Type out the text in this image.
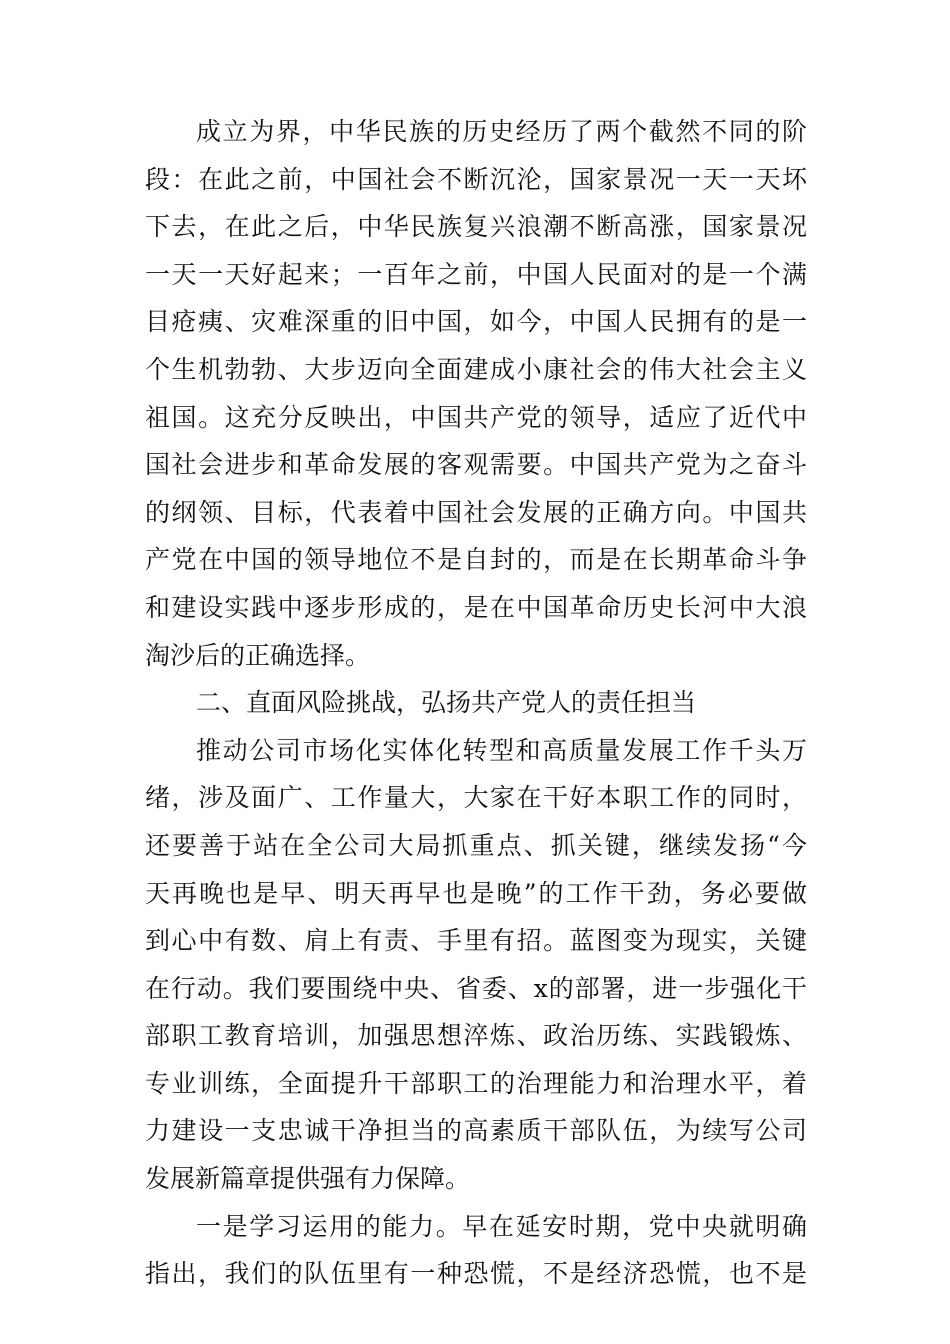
成立为界，中华民族的历史经历了两个截然不同的阶
段：在此之前，中国社会不断沉沦，国家景况一天一天坏
下去，在此之后，中华民族复兴浪潮不断高涨，国家景况
一天一天好起来；一百年之前，中国人民面对的是一个满
目疮痍、灾难深重的旧中国，如今，中国人民拥有的是一
个生机勃勃、大步迈向全面建成小康社会的伟大社会主义
祖国。这充分反映出，中国共产党的领导，适应了近代中
国社会进步和革命发展的客观需要。中国共产党为之奋斗
的纲领、目标，代表着中国社会发展的正确方向。中国共
产党在中国的领导地位不是自封的，而是在长期革命斗争
和建设实践中逐步形成的，是在中国革命历史长河中大浪
淘沙后的正确选择。
二、直面风险挑战，弘扬共产党人的责任担当
推动公司市场化实体化转型和高质量发展工作千头万
绪，涉及面广、工作量大，大家在干好本职工作的同时，
还要善于站在全公司大局抓重点、抓关键，继续发扬“今
天再晚也是早、明天再早也是晚”的工作干劲，务必要做
到心中有数、肩上有责、手里有招。蓝图变为现实，关键
在行动。我们要围绕中央、省委、x的部署，进一步强化干
部职工教育培训，加强思想淬炼、政治历练、实践锻炼、
专业训练，全面提升干部职工的治理能力和治理水平，着
力建设一支忠诚干净担当的高素质干部队伍，为续写公司
发展新篇章提供强有力保障。
一是学习运用的能力。早在延安时期，党中央就明确
指出，我们的队伍里有一种恐慌，不是经济恐慌，也不是
